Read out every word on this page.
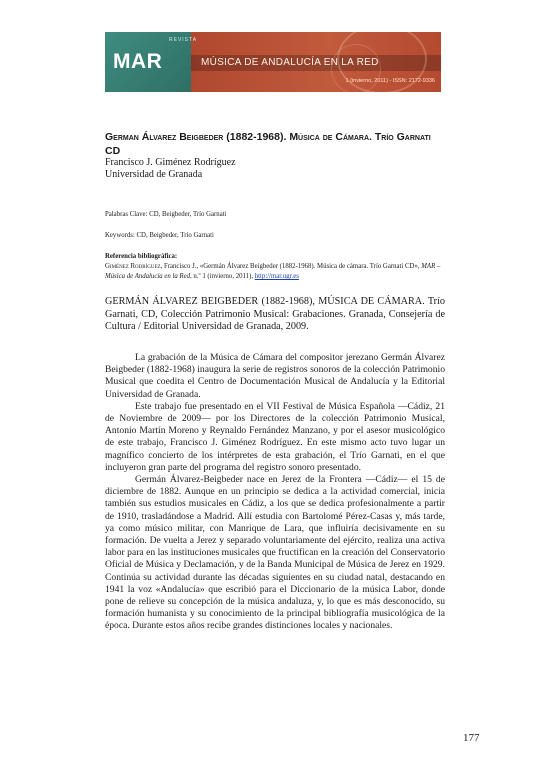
REVISTA
MAR	MÚSICA DE ANDALUCÍA EN LA RED
1 (invierno, 2011) - ISSN: 2172-9336
German Álvarez Beigbeder (1882-1968). Música de Cámara. Trío Garnati CD
Francisco J. Giménez Rodríguez
Universidad de Granada
Palabras Clave: CD, Beigbeder, Trío Garnati
Keywords: CD, Beigbeder, Trío Garnati
Referencia bibliográfica:
Giménez Rodríguez, Francisco J., «Germán Álvarez Beigbeder (1882-1968). Música de cámara. Trío Garnati CD», MAR – Música de Andalucía en la Red, n.º 1 (invierno, 2011), http://mar.ugr.es
GERMÁN ÁLVAREZ BEIGBEDER (1882-1968), MÚSICA DE CÁMARA. Trío Garnati, CD, Colección Patrimonio Musical: Grabaciones. Granada, Consejería de Cultura / Editorial Universidad de Granada, 2009.

La grabación de la Música de Cámara del compositor jerezano Germán Álvarez Beigbeder (1882-1968) inaugura la serie de registros sonoros de la colección Patrimonio Musical que coedita el Centro de Documentación Musical de Andalucía y la Editorial Universidad de Granada.

Este trabajo fue presentado en el VII Festival de Música Española —Cádiz, 21 de Noviembre de 2009— por los Directores de la colección Patrimonio Musical, Antonio Martín Moreno y Reynaldo Fernández Manzano, y por el asesor musicológico de este trabajo, Francisco J. Giménez Rodríguez. En este mismo acto tuvo lugar un magnífico concierto de los intérpretes de esta grabación, el Trío Garnati, en el que incluyeron gran parte del programa del registro sonoro presentado.

Germán Álvarez-Beigbeder nace en Jerez de la Frontera —Cádiz— el 15 de diciembre de 1882. Aunque en un principio se dedica a la actividad comercial, inicia también sus estudios musicales en Cádiz, a los que se dedica profesionalmente a partir de 1910, trasladándose a Madrid. Allí estudia con Bartolomé Pérez-Casas y, más tarde, ya como músico militar, con Manrique de Lara, que influiría decisivamente en su formación. De vuelta a Jerez y separado voluntariamente del ejército, realiza una activa labor para en las instituciones musicales que fructifican en la creación del Conservatorio Oficial de Música y Declamación, y de la Banda Municipal de Música de Jerez en 1929. Continúa su actividad durante las décadas siguientes en su ciudad natal, destacando en 1941 la voz «Andalucía» que escribió para el Diccionario de la música Labor, donde pone de relieve su concepción de la música andaluza, y, lo que es más desconocido, su formación humanista y su conocimiento de la principal bibliografía musicológica de la época. Durante estos años recibe grandes distinciones locales y nacionales.

177
